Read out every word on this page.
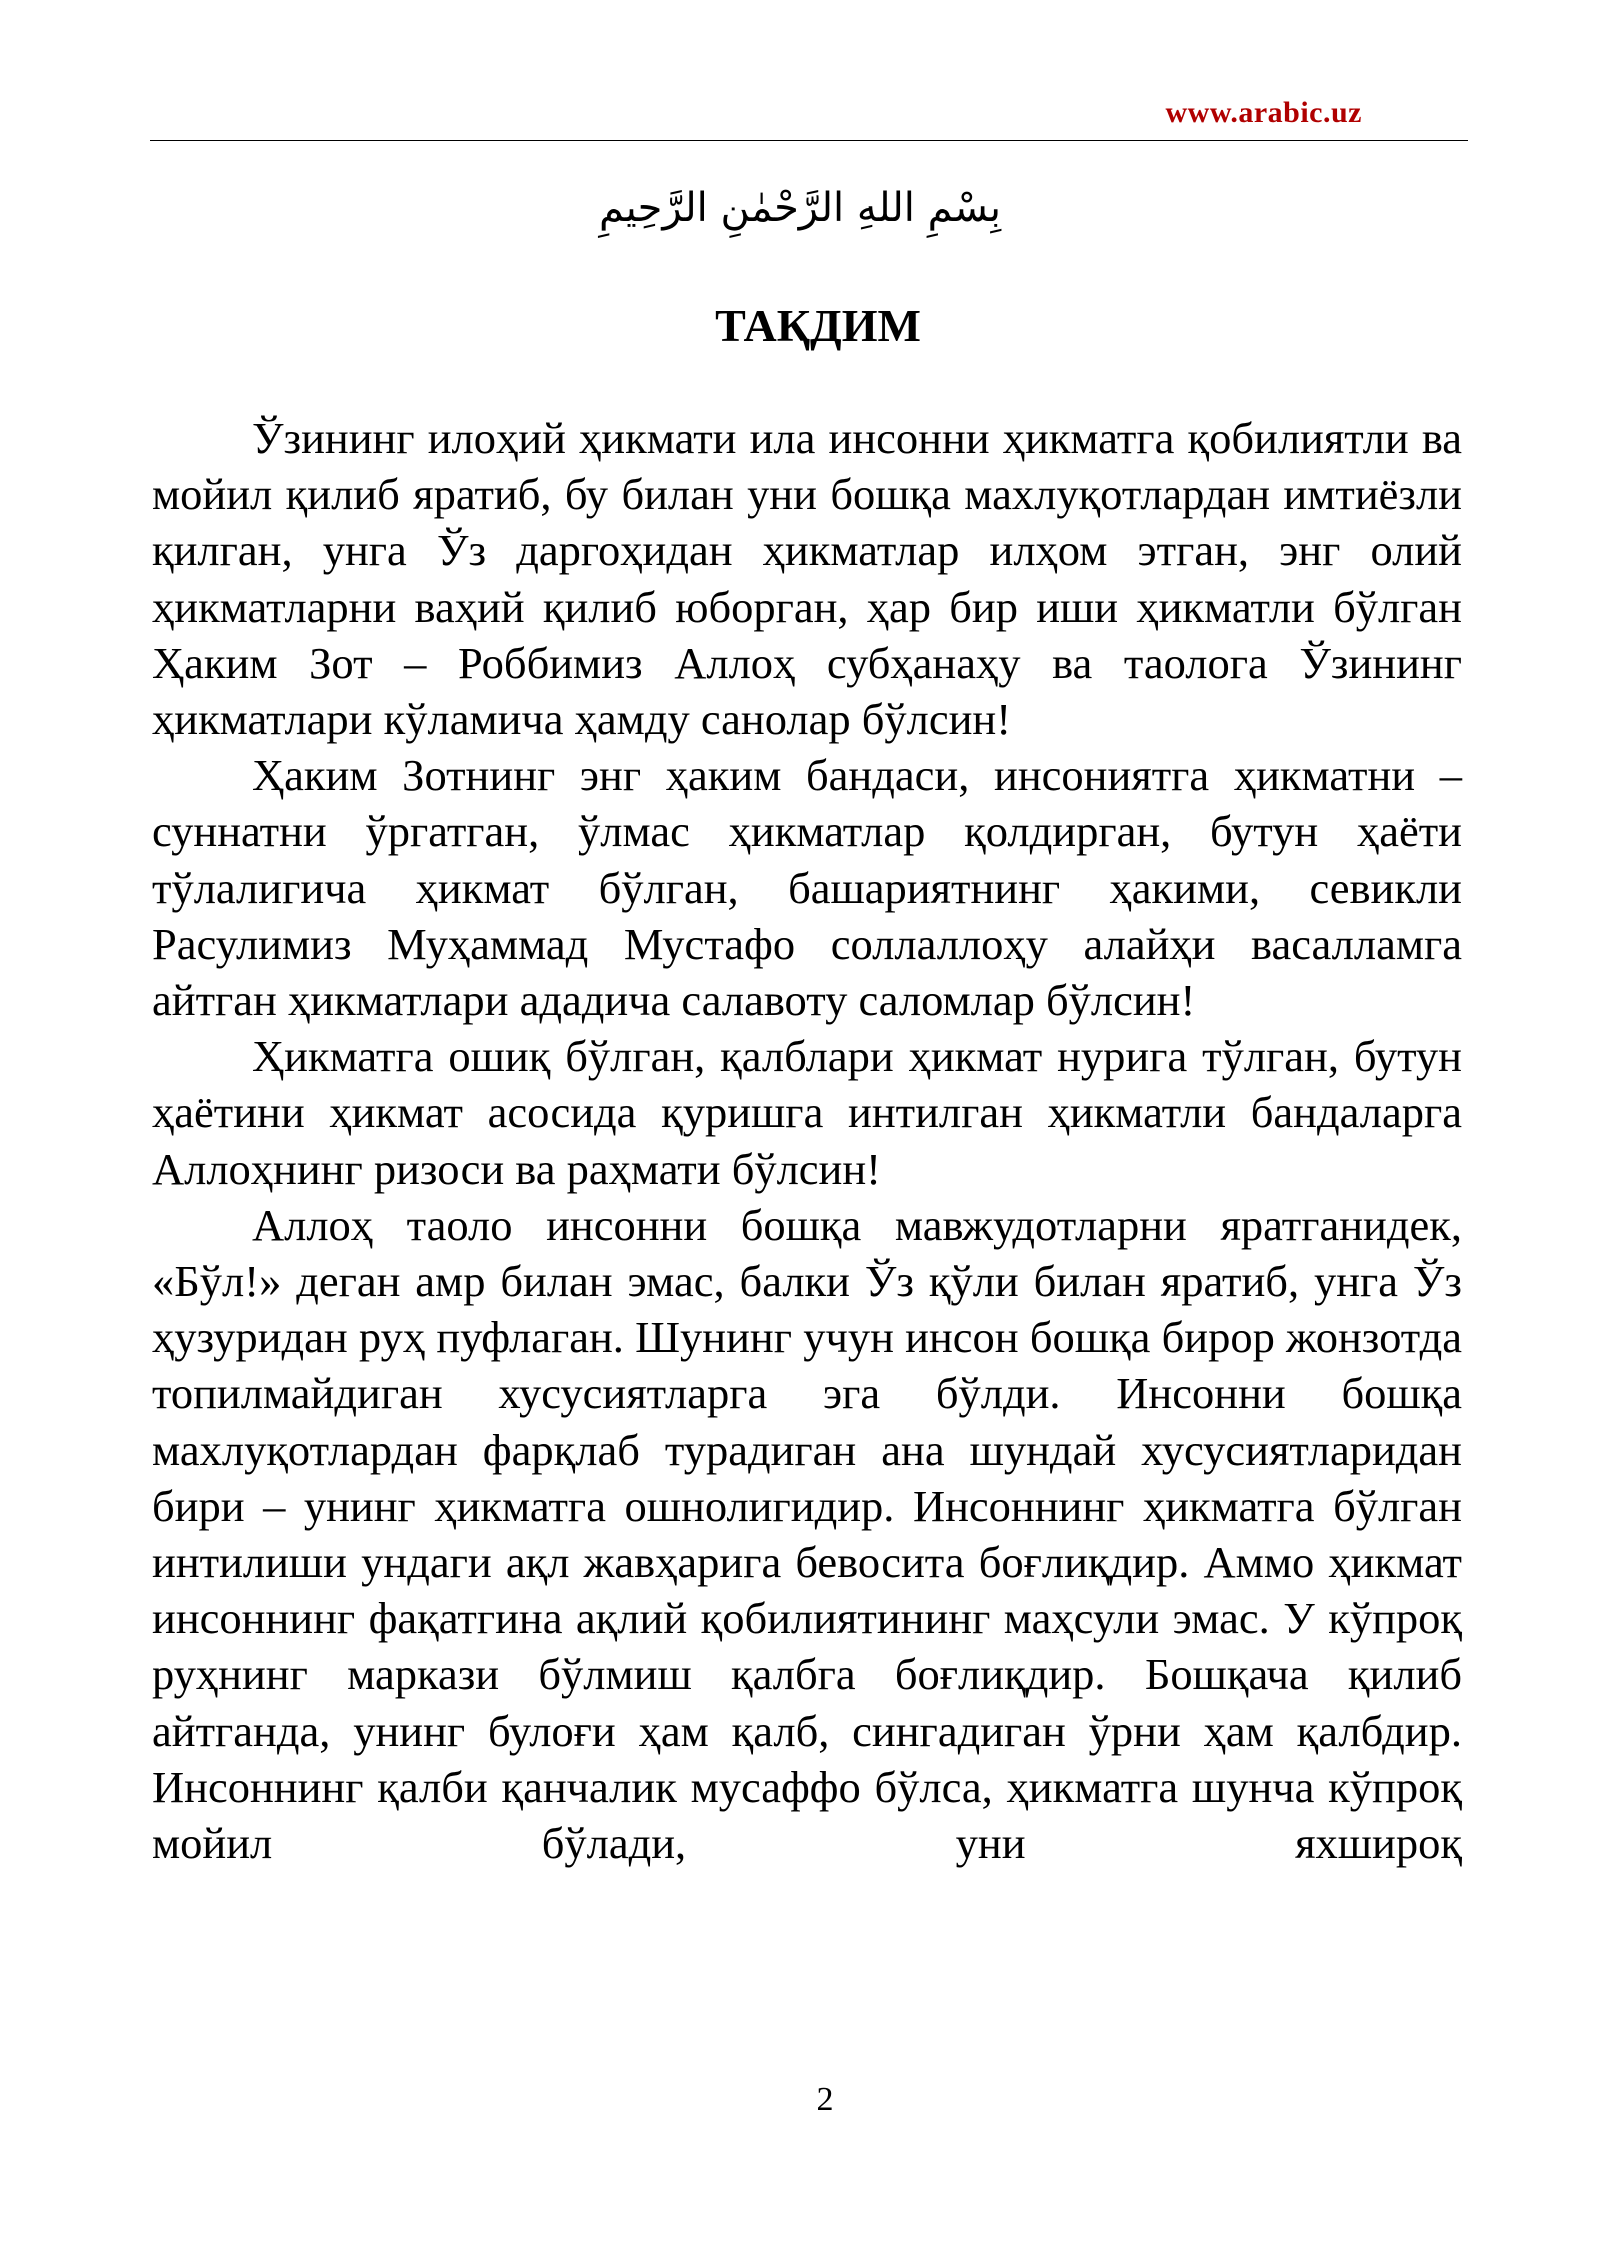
www.arabic.uz
بِسْمِ اللهِ الرَّحْمٰنِ الرَّحِيمِ
ТАҚДИМ

Ўзининг илоҳий ҳикмати ила инсонни ҳикматга қобилиятли ва мойил қилиб яратиб, бу билан уни бошқа махлуқотлардан имтиёзли қилган, унга Ўз даргоҳидан ҳикматлар илҳом этган, энг олий ҳикматларни ваҳий қилиб юборган, ҳар бир иши ҳикматли бўлган Ҳаким Зот – Роббимиз Аллоҳ субҳанаҳу ва таолога Ўзининг ҳикматлари кўламича ҳамду санолар бўлсин!

Ҳаким Зотнинг энг ҳаким бандаси, инсониятга ҳикматни – суннатни ўргатган, ўлмас ҳикматлар қолдирган, бутун ҳаёти тўлалигича ҳикмат бўлган, башариятнинг ҳакими, севикли Расулимиз Муҳаммад Мустафо соллаллоҳу алайҳи васалламга айтган ҳикматлари ададича салавоту саломлар бўлсин!

Ҳикматга ошиқ бўлган, қалблари ҳикмат нурига тўлган, бутун ҳаётини ҳикмат асосида қуришга интилган ҳикматли бандаларга Аллоҳнинг ризоси ва раҳмати бўлсин!

Аллоҳ таоло инсонни бошқа мавжудотларни яратганидек, «Бўл!» деган амр билан эмас, балки Ўз қўли билан яратиб, унга Ўз ҳузуридан руҳ пуфлаган. Шунинг учун инсон бошқа бирор жонзотда топилмайдиган хусусиятларга эга бўлди. Инсонни бошқа махлуқотлардан фарқлаб турадиган ана шундай хусусиятларидан бири – унинг ҳикматга ошнолигидир. Инсоннинг ҳикматга бўлган интилиши ундаги ақл жавҳарига бевосита боғлиқдир. Аммо ҳикмат инсоннинг фақатгина ақлий қобилиятининг маҳсули эмас. У кўпроқ руҳнинг маркази бўлмиш қалбга боғлиқдир. Бошқача қилиб айтганда, унинг булоғи ҳам қалб, сингадиган ўрни ҳам қалбдир. Инсоннинг қалби қанчалик мусаффо бўлса, ҳикматга шунча кўпроқ мойил бўлади, уни яхшироқ

2
